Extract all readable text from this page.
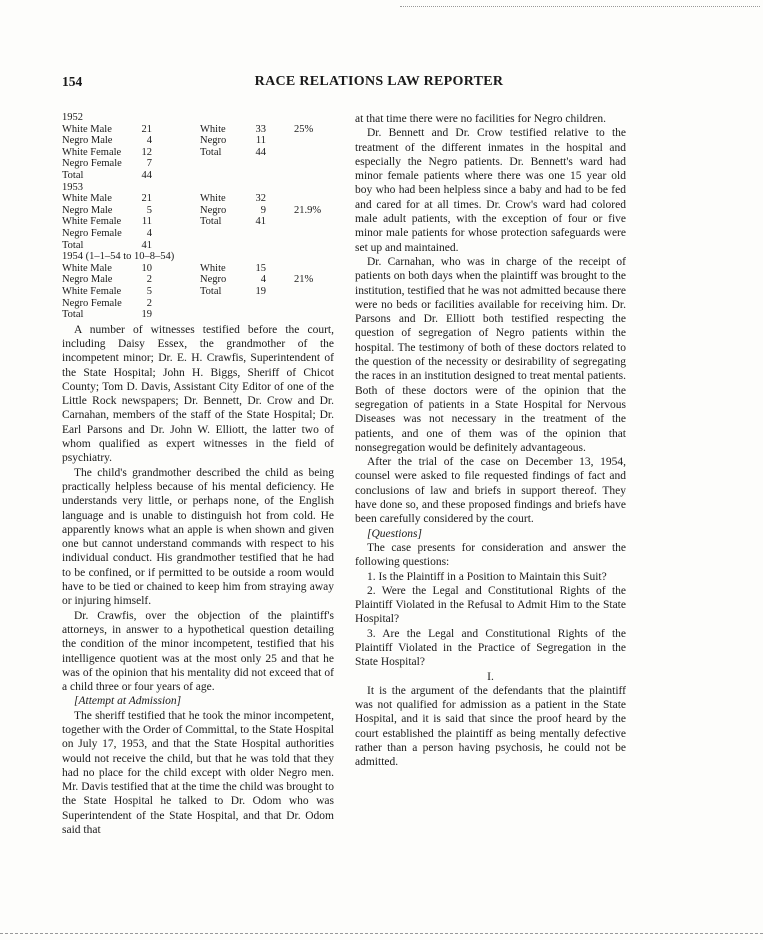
154	RACE RELATIONS LAW REPORTER
1952
White Male	21	White	33	25%
Negro Male	4	Negro	11
White Female	12	Total	44
Negro Female	7
Total	44
1953
White Male	21	White	32
Negro Male	5	Negro	9	21.9%
White Female	11	Total	41
Negro Female	4
Total	41
1954 (1–1–54 to 10–8–54)
White Male	10	White	15
Negro Male	2	Negro	4	21%
White Female	5	Total	19
Negro Female	2
Total	19

A number of witnesses testified before the court, including Daisy Essex, the grandmother of the incompetent minor; Dr. E. H. Crawfis, Superintendent of the State Hospital; John H. Biggs, Sheriff of Chicot County; Tom D. Davis, Assistant City Editor of one of the Little Rock newspapers; Dr. Bennett, Dr. Crow and Dr. Carnahan, members of the staff of the State Hospital; Dr. Earl Parsons and Dr. John W. Elliott, the latter two of whom qualified as expert witnesses in the field of psychiatry.

The child's grandmother described the child as being practically helpless because of his mental deficiency. He understands very little, or perhaps none, of the English language and is unable to distinguish hot from cold. He apparently knows what an apple is when shown and given one but cannot understand commands with respect to his individual conduct. His grandmother testified that he had to be confined, or if permitted to be outside a room would have to be tied or chained to keep him from straying away or injuring himself.

Dr. Crawfis, over the objection of the plaintiff's attorneys, in answer to a hypothetical question detailing the condition of the minor incompetent, testified that his intelligence quotient was at the most only 25 and that he was of the opinion that his mentality did not exceed that of a child three or four years of age.

[Attempt at Admission]

The sheriff testified that he took the minor incompetent, together with the Order of Committal, to the State Hospital on July 17, 1953, and that the State Hospital authorities would not receive the child, but that he was told that they had no place for the child except with older Negro men. Mr. Davis testified that at the time the child was brought to the State Hospital he talked to Dr. Odom who was Superintendent of the State Hospital, and that Dr. Odom said that

at that time there were no facilities for Negro children.

Dr. Bennett and Dr. Crow testified relative to the treatment of the different inmates in the hospital and especially the Negro patients. Dr. Bennett's ward had minor female patients where there was one 15 year old boy who had been helpless since a baby and had to be fed and cared for at all times. Dr. Crow's ward had colored male adult patients, with the exception of four or five minor male patients for whose protection safeguards were set up and maintained.

Dr. Carnahan, who was in charge of the receipt of patients on both days when the plaintiff was brought to the institution, testified that he was not admitted because there were no beds or facilities available for receiving him. Dr. Parsons and Dr. Elliott both testified respecting the question of segregation of Negro patients within the hospital. The testimony of both of these doctors related to the question of the necessity or desirability of segregating the races in an institution designed to treat mental patients. Both of these doctors were of the opinion that the segregation of patients in a State Hospital for Nervous Diseases was not necessary in the treatment of the patients, and one of them was of the opinion that nonsegregation would be definitely advantageous.

After the trial of the case on December 13, 1954, counsel were asked to file requested findings of fact and conclusions of law and briefs in support thereof. They have done so, and these proposed findings and briefs have been carefully considered by the court.

[Questions]

The case presents for consideration and answer the following questions:

1. Is the Plaintiff in a Position to Maintain this Suit?

2. Were the Legal and Constitutional Rights of the Plaintiff Violated in the Refusal to Admit Him to the State Hospital?

3. Are the Legal and Constitutional Rights of the Plaintiff Violated in the Practice of Segregation in the State Hospital?

I.

It is the argument of the defendants that the plaintiff was not qualified for admission as a patient in the State Hospital, and it is said that since the proof heard by the court established the plaintiff as being mentally defective rather than a person having psychosis, he could not be admitted.
